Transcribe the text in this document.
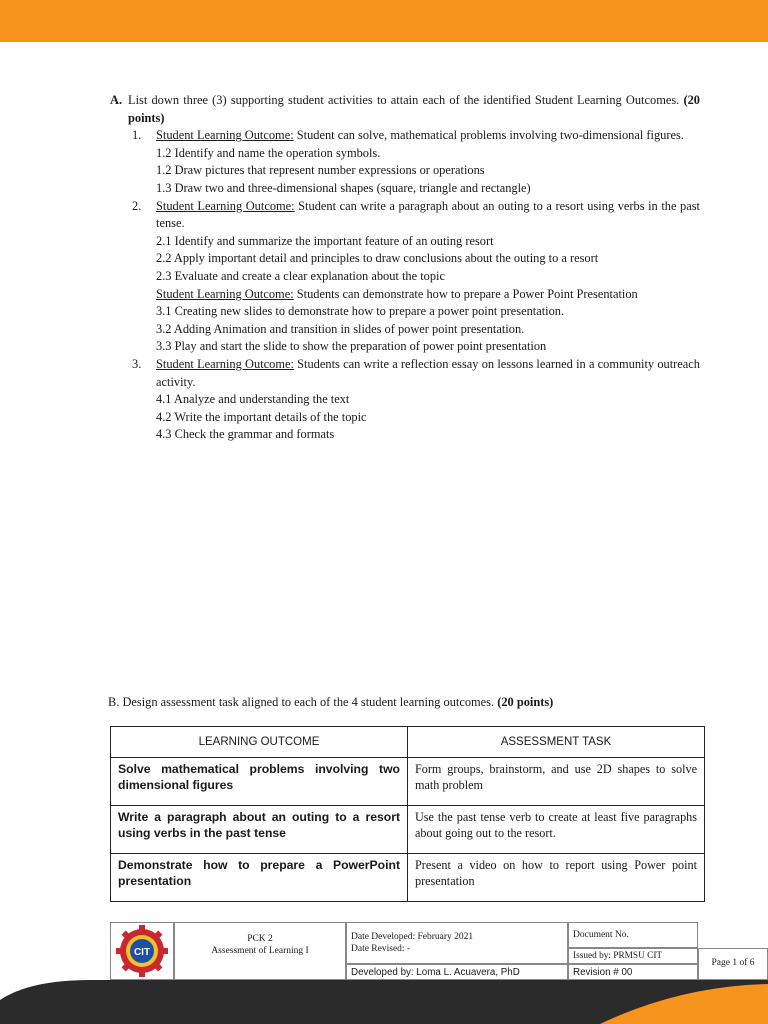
A. List down three (3) supporting student activities to attain each of the identified Student Learning Outcomes. (20 points)
1.	Student Learning Outcome: Student can solve, mathematical problems involving two-dimensional figures.
1.2 Identify and name the operation symbols.
1.2 Draw pictures that represent number expressions or operations
1.3 Draw two and three-dimensional shapes (square, triangle and rectangle)
2.	Student Learning Outcome: Student can write a paragraph about an outing to a resort using verbs in the past tense.
2.1 Identify and summarize the important feature of an outing resort
2.2 Apply important detail and principles to draw conclusions about the outing to a resort
2.3 Evaluate and create a clear explanation about the topic
Student Learning Outcome: Students can demonstrate how to prepare a Power Point Presentation
3.1 Creating new slides to demonstrate how to prepare a power point presentation.
3.2 Adding Animation and transition in slides of power point presentation.
3.3 Play and start the slide to show the preparation of power point presentation
3.	Student Learning Outcome: Students can write a reflection essay on lessons learned in a community outreach activity.
4.1 Analyze and understanding the text
4.2 Write the important details of the topic
4.3 Check the grammar and formats
B. Design assessment task aligned to each of the 4 student learning outcomes. (20 points)
LEARNING OUTCOME	ASSESSMENT TASK
Solve mathematical problems involving two dimensional figures	Form groups, brainstorm, and use 2D shapes to solve math problem
Write a paragraph about an outing to a resort using verbs in the past tense	Use the past tense verb to create at least five paragraphs about going out to the resort.
Demonstrate how to prepare a PowerPoint presentation	Present a video on how to report using Power point presentation
CIT
PCK 2
Assessment of Learning I
Date Developed: February 2021
Date Revised: -
Developed by: Loma L. Acuavera, PhD
Document No.
Issued by: PRMSU CIT
Revision # 00
Page 1 of 6
